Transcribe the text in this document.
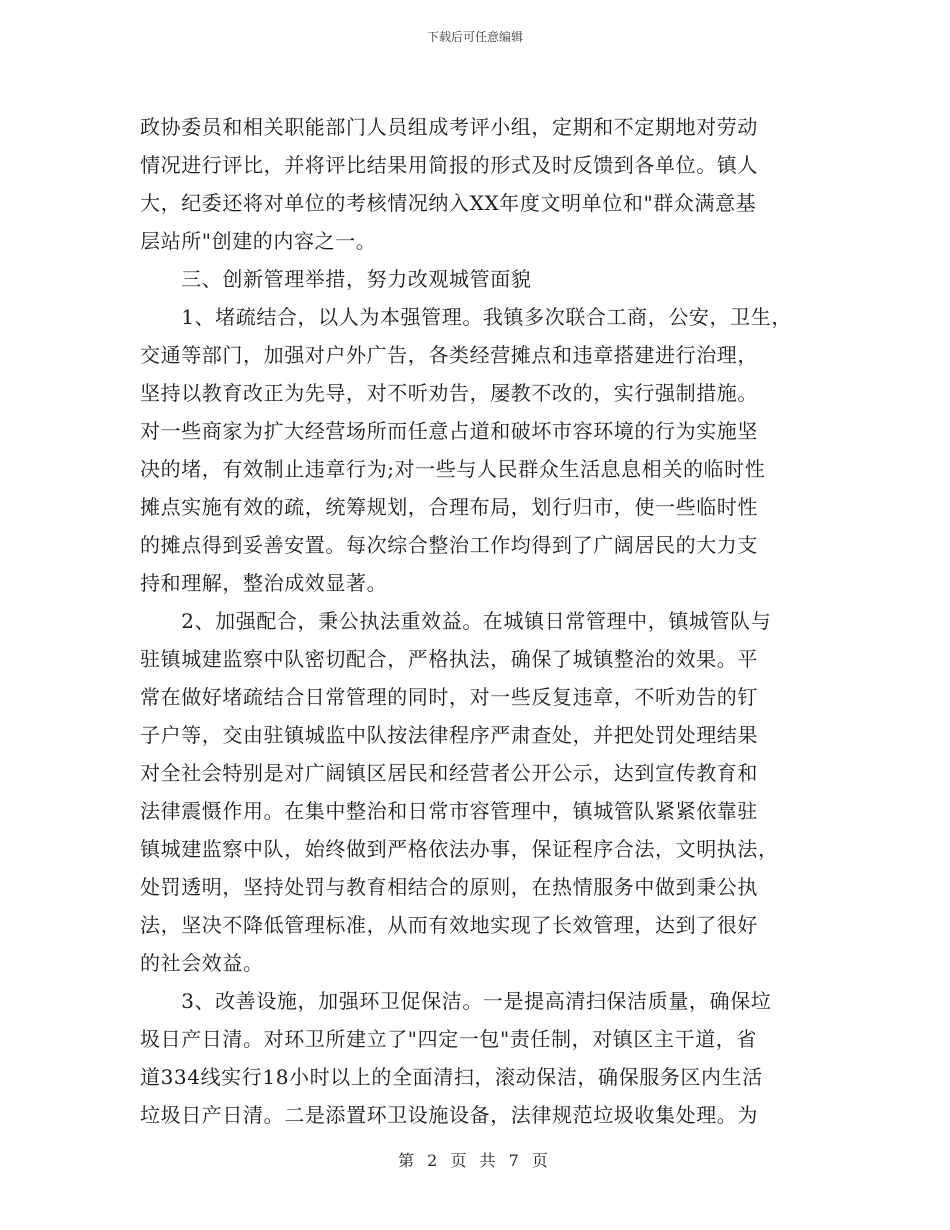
下载后可任意编辑
政协委员和相关职能部门人员组成考评小组，定期和不定期地对劳动
情况进行评比，并将评比结果用简报的形式及时反馈到各单位。镇人
大，纪委还将对单位的考核情况纳入XX年度文明单位和"群众满意基
层站所"创建的内容之一。
　　三、创新管理举措，努力改观城管面貌
　　1、堵疏结合，以人为本强管理。我镇多次联合工商，公安，卫生，
交通等部门，加强对户外广告，各类经营摊点和违章搭建进行治理，
坚持以教育改正为先导，对不听劝告，屡教不改的，实行强制措施。
对一些商家为扩大经营场所而任意占道和破坏市容环境的行为实施坚
决的堵，有效制止违章行为;对一些与人民群众生活息息相关的临时性
摊点实施有效的疏，统筹规划，合理布局，划行归市，使一些临时性
的摊点得到妥善安置。每次综合整治工作均得到了广阔居民的大力支
持和理解，整治成效显著。
　　2、加强配合，秉公执法重效益。在城镇日常管理中，镇城管队与
驻镇城建监察中队密切配合，严格执法，确保了城镇整治的效果。平
常在做好堵疏结合日常管理的同时，对一些反复违章，不听劝告的钉
子户等，交由驻镇城监中队按法律程序严肃查处，并把处罚处理结果
对全社会特别是对广阔镇区居民和经营者公开公示，达到宣传教育和
法律震慑作用。在集中整治和日常市容管理中，镇城管队紧紧依靠驻
镇城建监察中队，始终做到严格依法办事，保证程序合法，文明执法，
处罚透明，坚持处罚与教育相结合的原则，在热情服务中做到秉公执
法，坚决不降低管理标准，从而有效地实现了长效管理，达到了很好
的社会效益。
　　3、改善设施，加强环卫促保洁。一是提高清扫保洁质量，确保垃
圾日产日清。对环卫所建立了"四定一包"责任制，对镇区主干道，省
道334线实行18小时以上的全面清扫，滚动保洁，确保服务区内生活
垃圾日产日清。二是添置环卫设施设备，法律规范垃圾收集处理。为
第 2 页 共 7 页
